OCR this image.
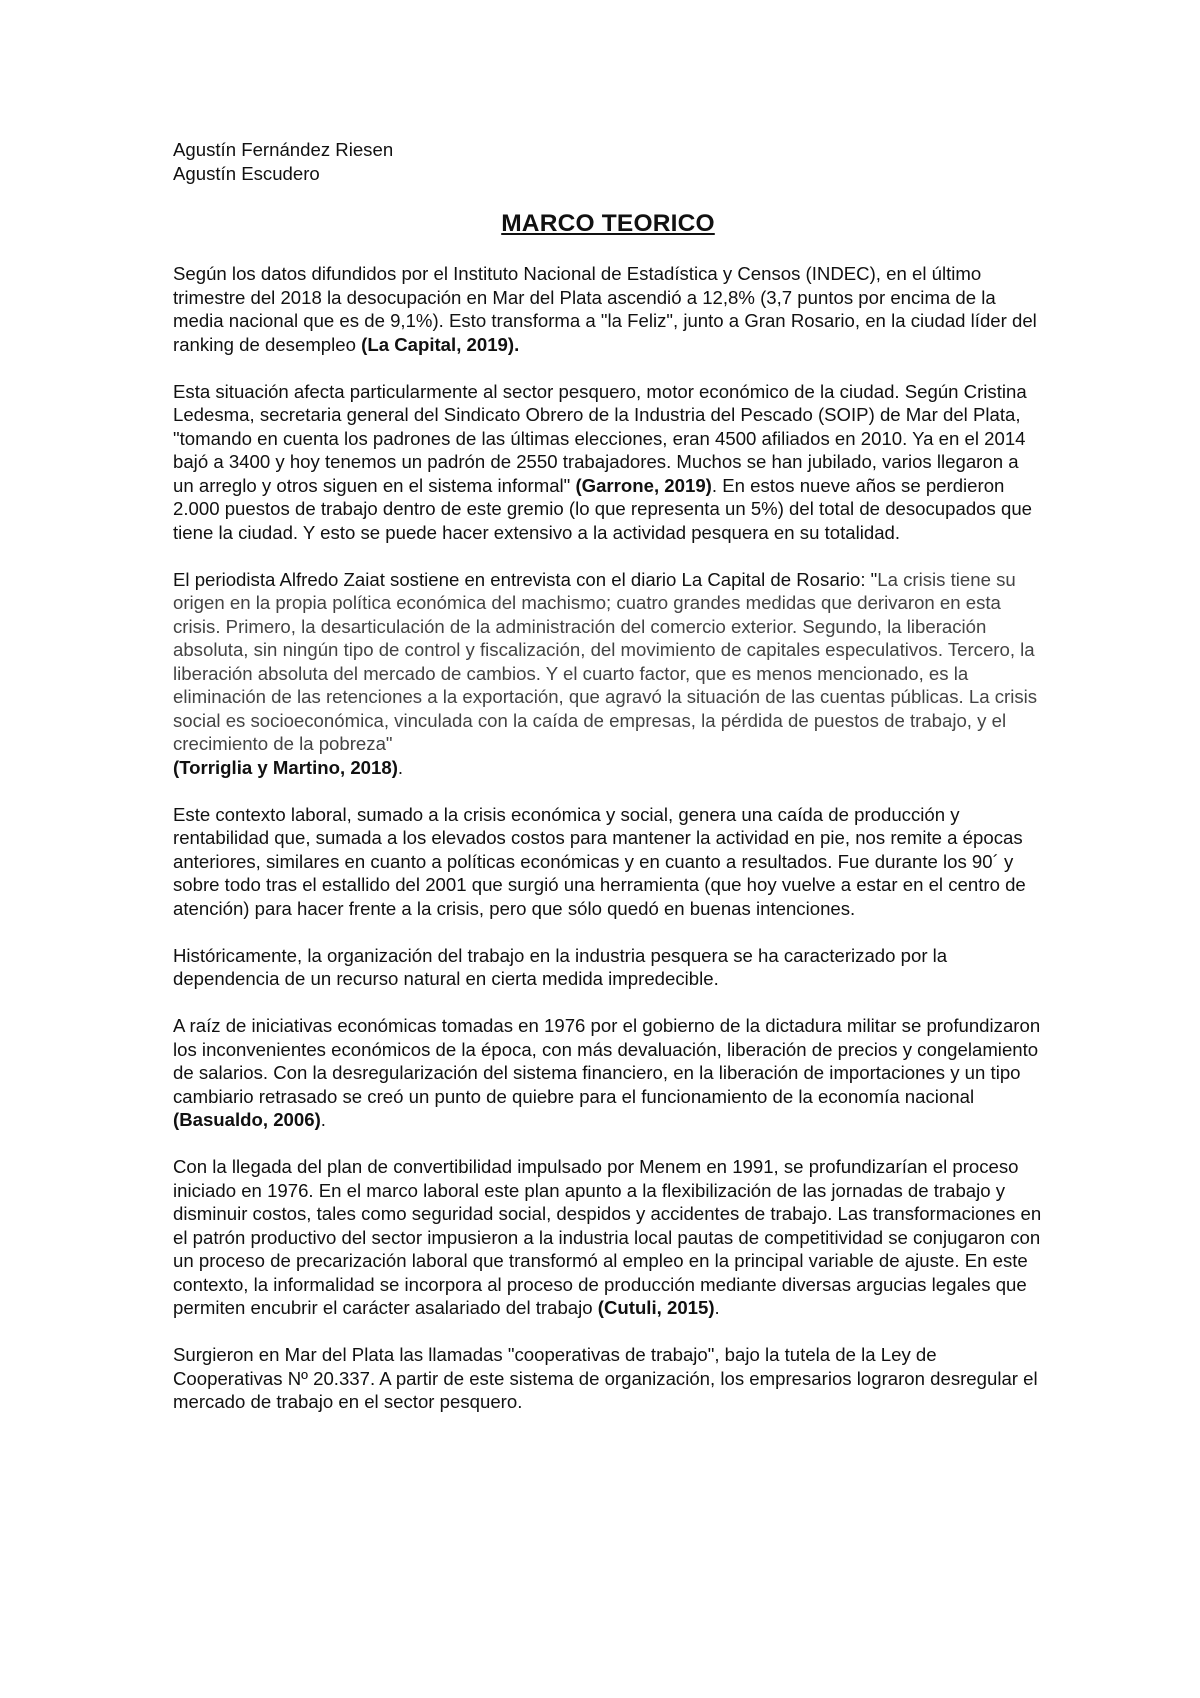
Agustín Fernández Riesen

Agustín Escudero

MARCO TEORICO

Según los datos difundidos por el Instituto Nacional de Estadística y Censos (INDEC), en el último trimestre del 2018 la desocupación en Mar del Plata ascendió a 12,8% (3,7 puntos por encima de la media nacional que es de 9,1%). Esto transforma a "la Feliz", junto a Gran Rosario, en la ciudad líder del ranking de desempleo (La Capital, 2019).

Esta situación afecta particularmente al sector pesquero, motor económico de la ciudad. Según Cristina Ledesma, secretaria general del Sindicato Obrero de la Industria del Pescado (SOIP) de Mar del Plata, "tomando en cuenta los padrones de las últimas elecciones, eran 4500 afiliados en 2010. Ya en el 2014 bajó a 3400 y hoy tenemos un padrón de 2550 trabajadores. Muchos se han jubilado, varios llegaron a un arreglo y otros siguen en el sistema informal" (Garrone, 2019). En estos nueve años se perdieron 2.000 puestos de trabajo dentro de este gremio (lo que representa un 5%) del total de desocupados que tiene la ciudad. Y esto se puede hacer extensivo a la actividad pesquera en su totalidad.

El periodista Alfredo Zaiat sostiene en entrevista con el diario La Capital de Rosario: "La crisis tiene su origen en la propia política económica del machismo; cuatro grandes medidas que derivaron en esta crisis. Primero, la desarticulación de la administración del comercio exterior. Segundo, la liberación absoluta, sin ningún tipo de control y fiscalización, del movimiento de capitales especulativos. Tercero, la liberación absoluta del mercado de cambios. Y el cuarto factor, que es menos mencionado, es la eliminación de las retenciones a la exportación, que agravó la situación de las cuentas públicas. La crisis social es socioeconómica, vinculada con la caída de empresas, la pérdida de puestos de trabajo, y el crecimiento de la pobreza"
(Torriglia y Martino, 2018).

Este contexto laboral, sumado a la crisis económica y social, genera una caída de producción y rentabilidad que, sumada a los elevados costos para mantener la actividad en pie, nos remite a épocas anteriores, similares en cuanto a políticas económicas y en cuanto a resultados. Fue durante los 90´ y sobre todo tras el estallido del 2001 que surgió una herramienta (que hoy vuelve a estar en el centro de atención) para hacer frente a la crisis, pero que sólo quedó en buenas intenciones.

Históricamente, la organización del trabajo en la industria pesquera se ha caracterizado por la dependencia de un recurso natural en cierta medida impredecible.

A raíz de iniciativas económicas tomadas en 1976 por el gobierno de la dictadura militar se profundizaron los inconvenientes económicos de la época, con más devaluación, liberación de precios y congelamiento de salarios. Con la desregularización del sistema financiero, en la liberación de importaciones y un tipo cambiario retrasado se creó un punto de quiebre para el funcionamiento de la economía nacional (Basualdo, 2006).

Con la llegada del plan de convertibilidad impulsado por Menem en 1991, se profundizarían el proceso iniciado en 1976. En el marco laboral este plan apunto a la flexibilización de las jornadas de trabajo y disminuir costos, tales como seguridad social, despidos y accidentes de trabajo. Las transformaciones en el patrón productivo del sector impusieron a la industria local pautas de competitividad se conjugaron con un proceso de precarización laboral que transformó al empleo en la principal variable de ajuste. En este contexto, la informalidad se incorpora al proceso de producción mediante diversas argucias legales que permiten encubrir el carácter asalariado del trabajo (Cutuli, 2015).

Surgieron en Mar del Plata las llamadas "cooperativas de trabajo", bajo la tutela de la Ley de Cooperativas Nº 20.337. A partir de este sistema de organización, los empresarios lograron desregular el mercado de trabajo en el sector pesquero.
